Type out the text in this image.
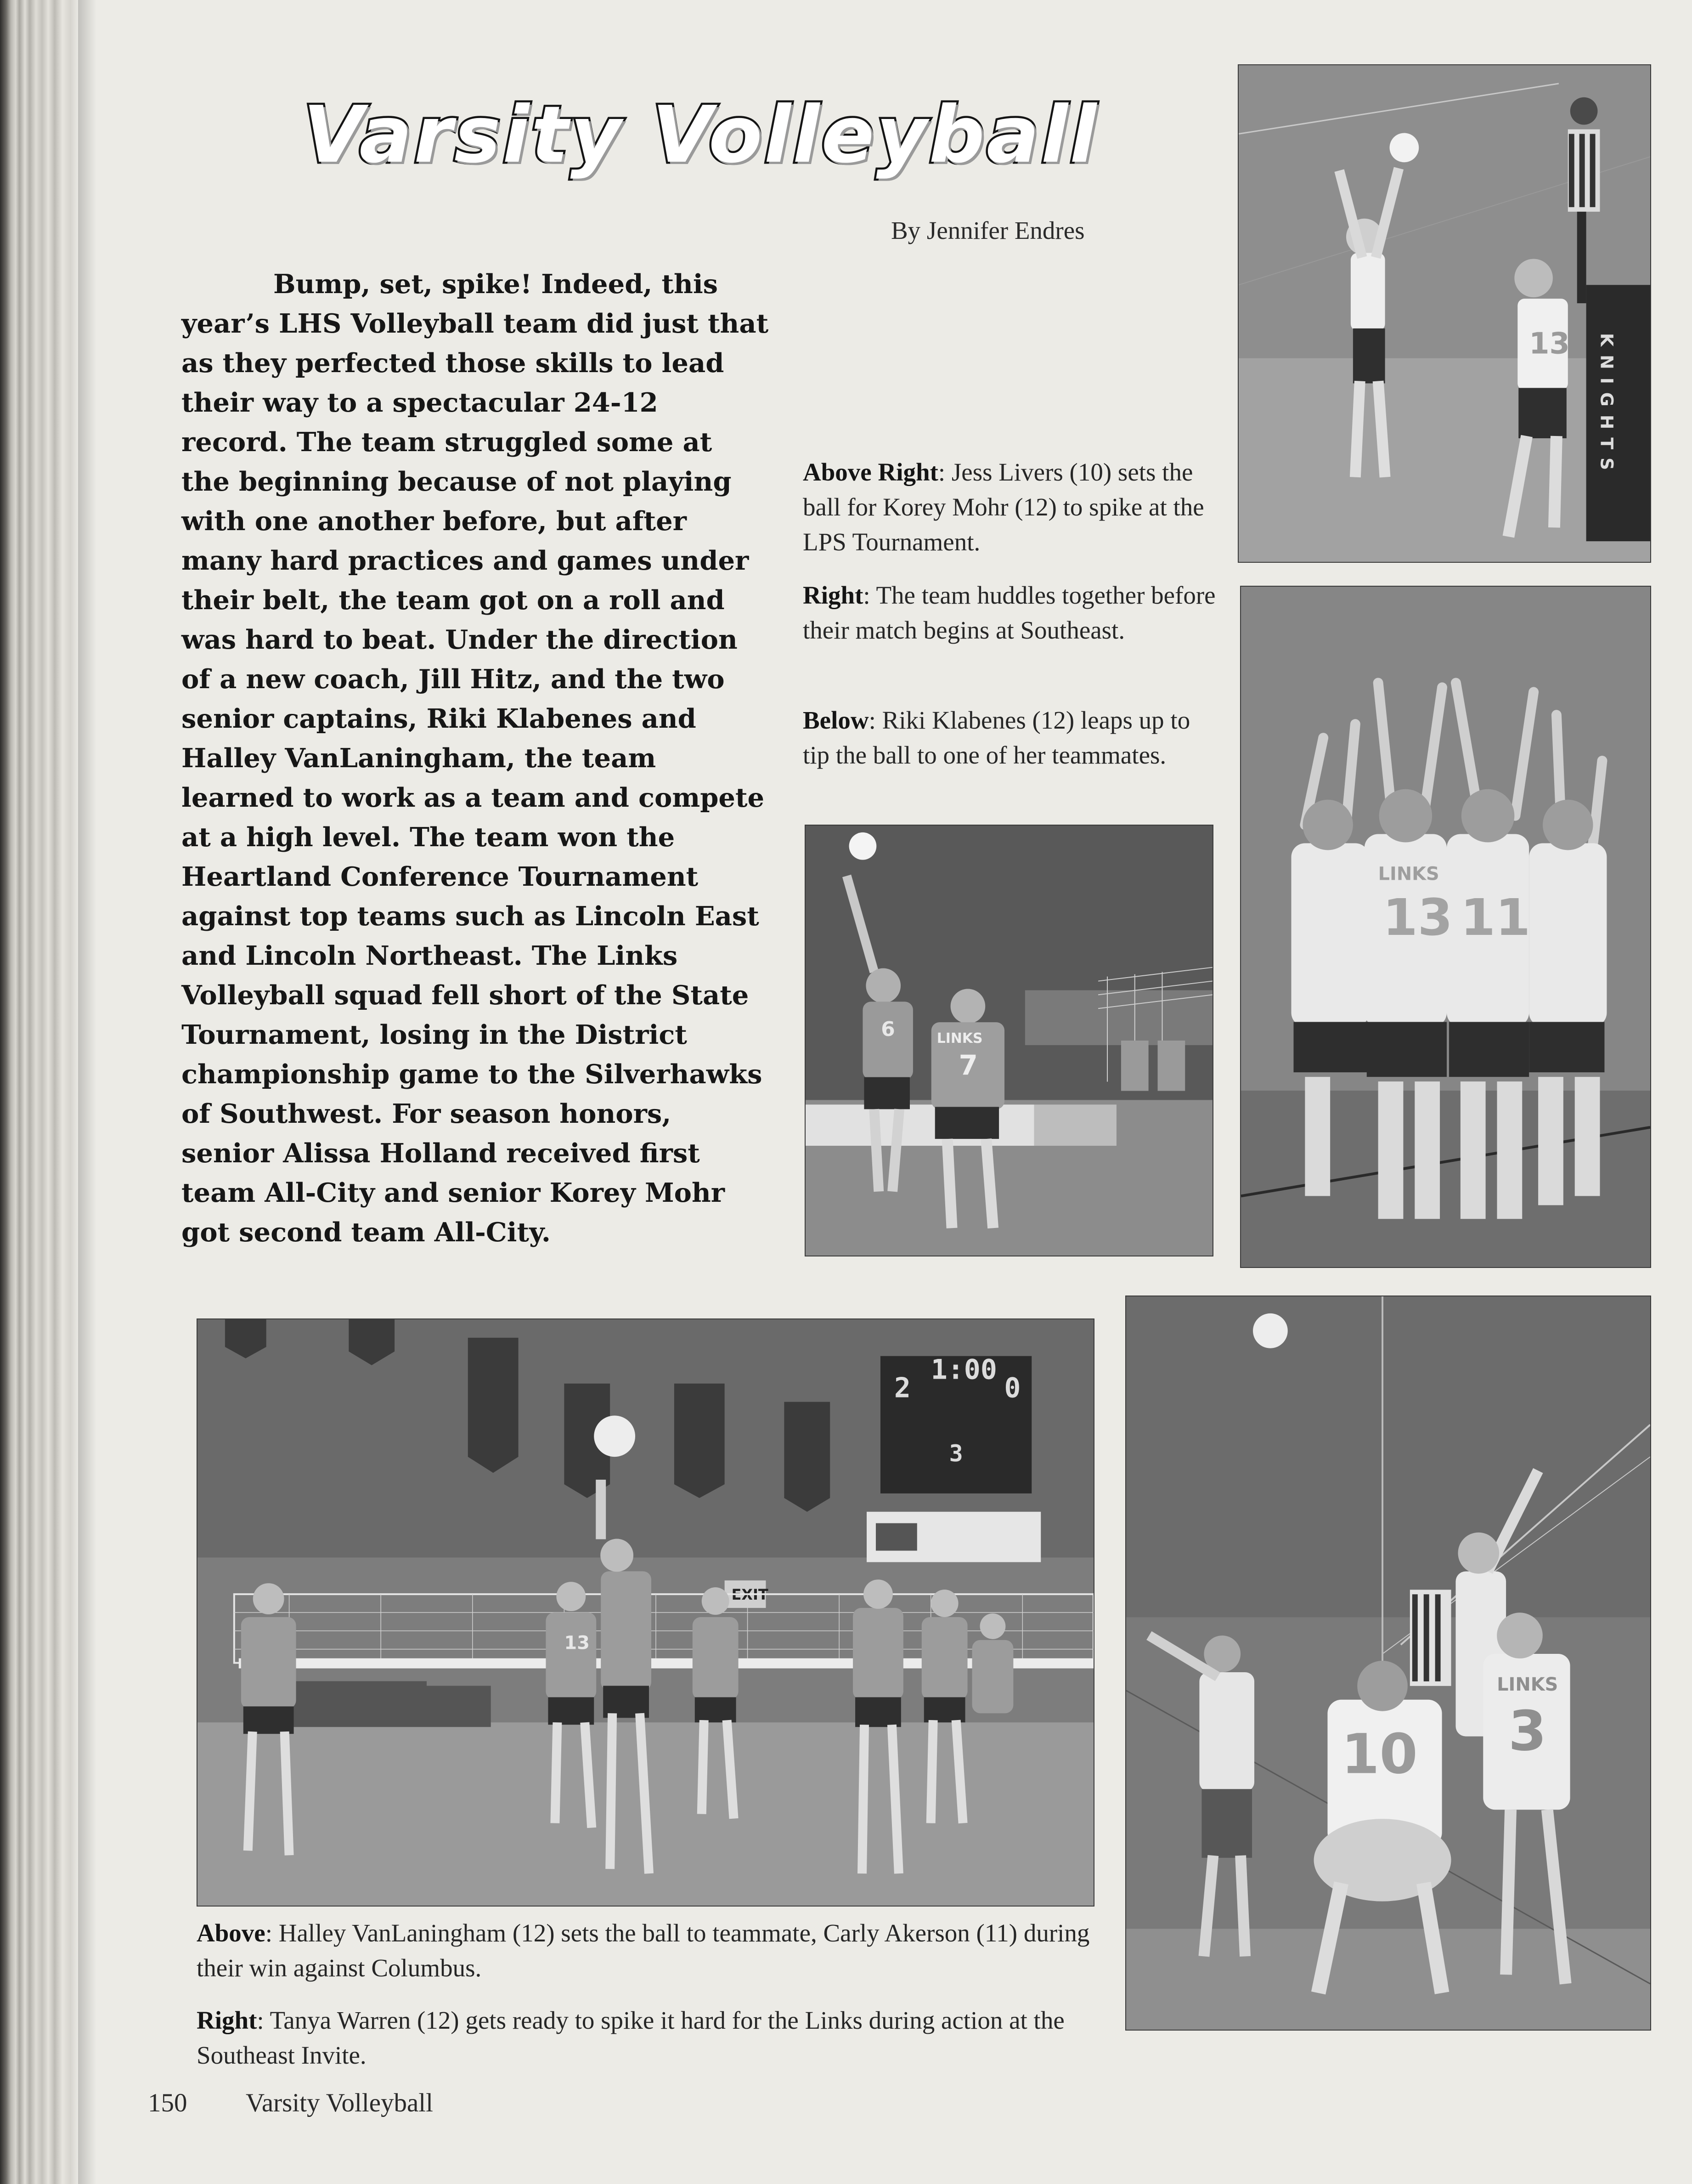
Varsity Volleyball
By Jennifer Endres

Bump, set, spike! Indeed, this year’s LHS Volleyball team did just that as they perfected those skills to lead their way to a spectacular 24-12 record. The team struggled some at the beginning because of not playing with one another before, but after many hard practices and games under their belt, the team got on a roll and was hard to beat. Under the direction of a new coach, Jill Hitz, and the two senior captains, Riki Klabenes and Halley VanLaningham, the team learned to work as a team and compete at a high level. The team won the Heartland Conference Tournament against top teams such as Lincoln East and Lincoln Northeast. The Links Volleyball squad fell short of the State Tournament, losing in the District championship game to the Silverhawks of Southwest. For season honors, senior Alissa Holland received first team All-City and senior Korey Mohr got second team All-City.

KNIGHTS
13
LINKS
13 11
6	LINKS
7
2
1:00
0
3
EXIT
13
LINKS
3
10

Above Right: Jess Livers (10) sets the ball for Korey Mohr (12) to spike at the LPS Tournament.

Right: The team huddles together before their match begins at Southeast.

Below: Riki Klabenes (12) leaps up to tip the ball to one of her teammates.

Above: Halley VanLaningham (12) sets the ball to teammate, Carly Akerson (11) during their win against Columbus.

Right: Tanya Warren (12) gets ready to spike it hard for the Links during action at the Southeast Invite.

150 Varsity Volleyball
